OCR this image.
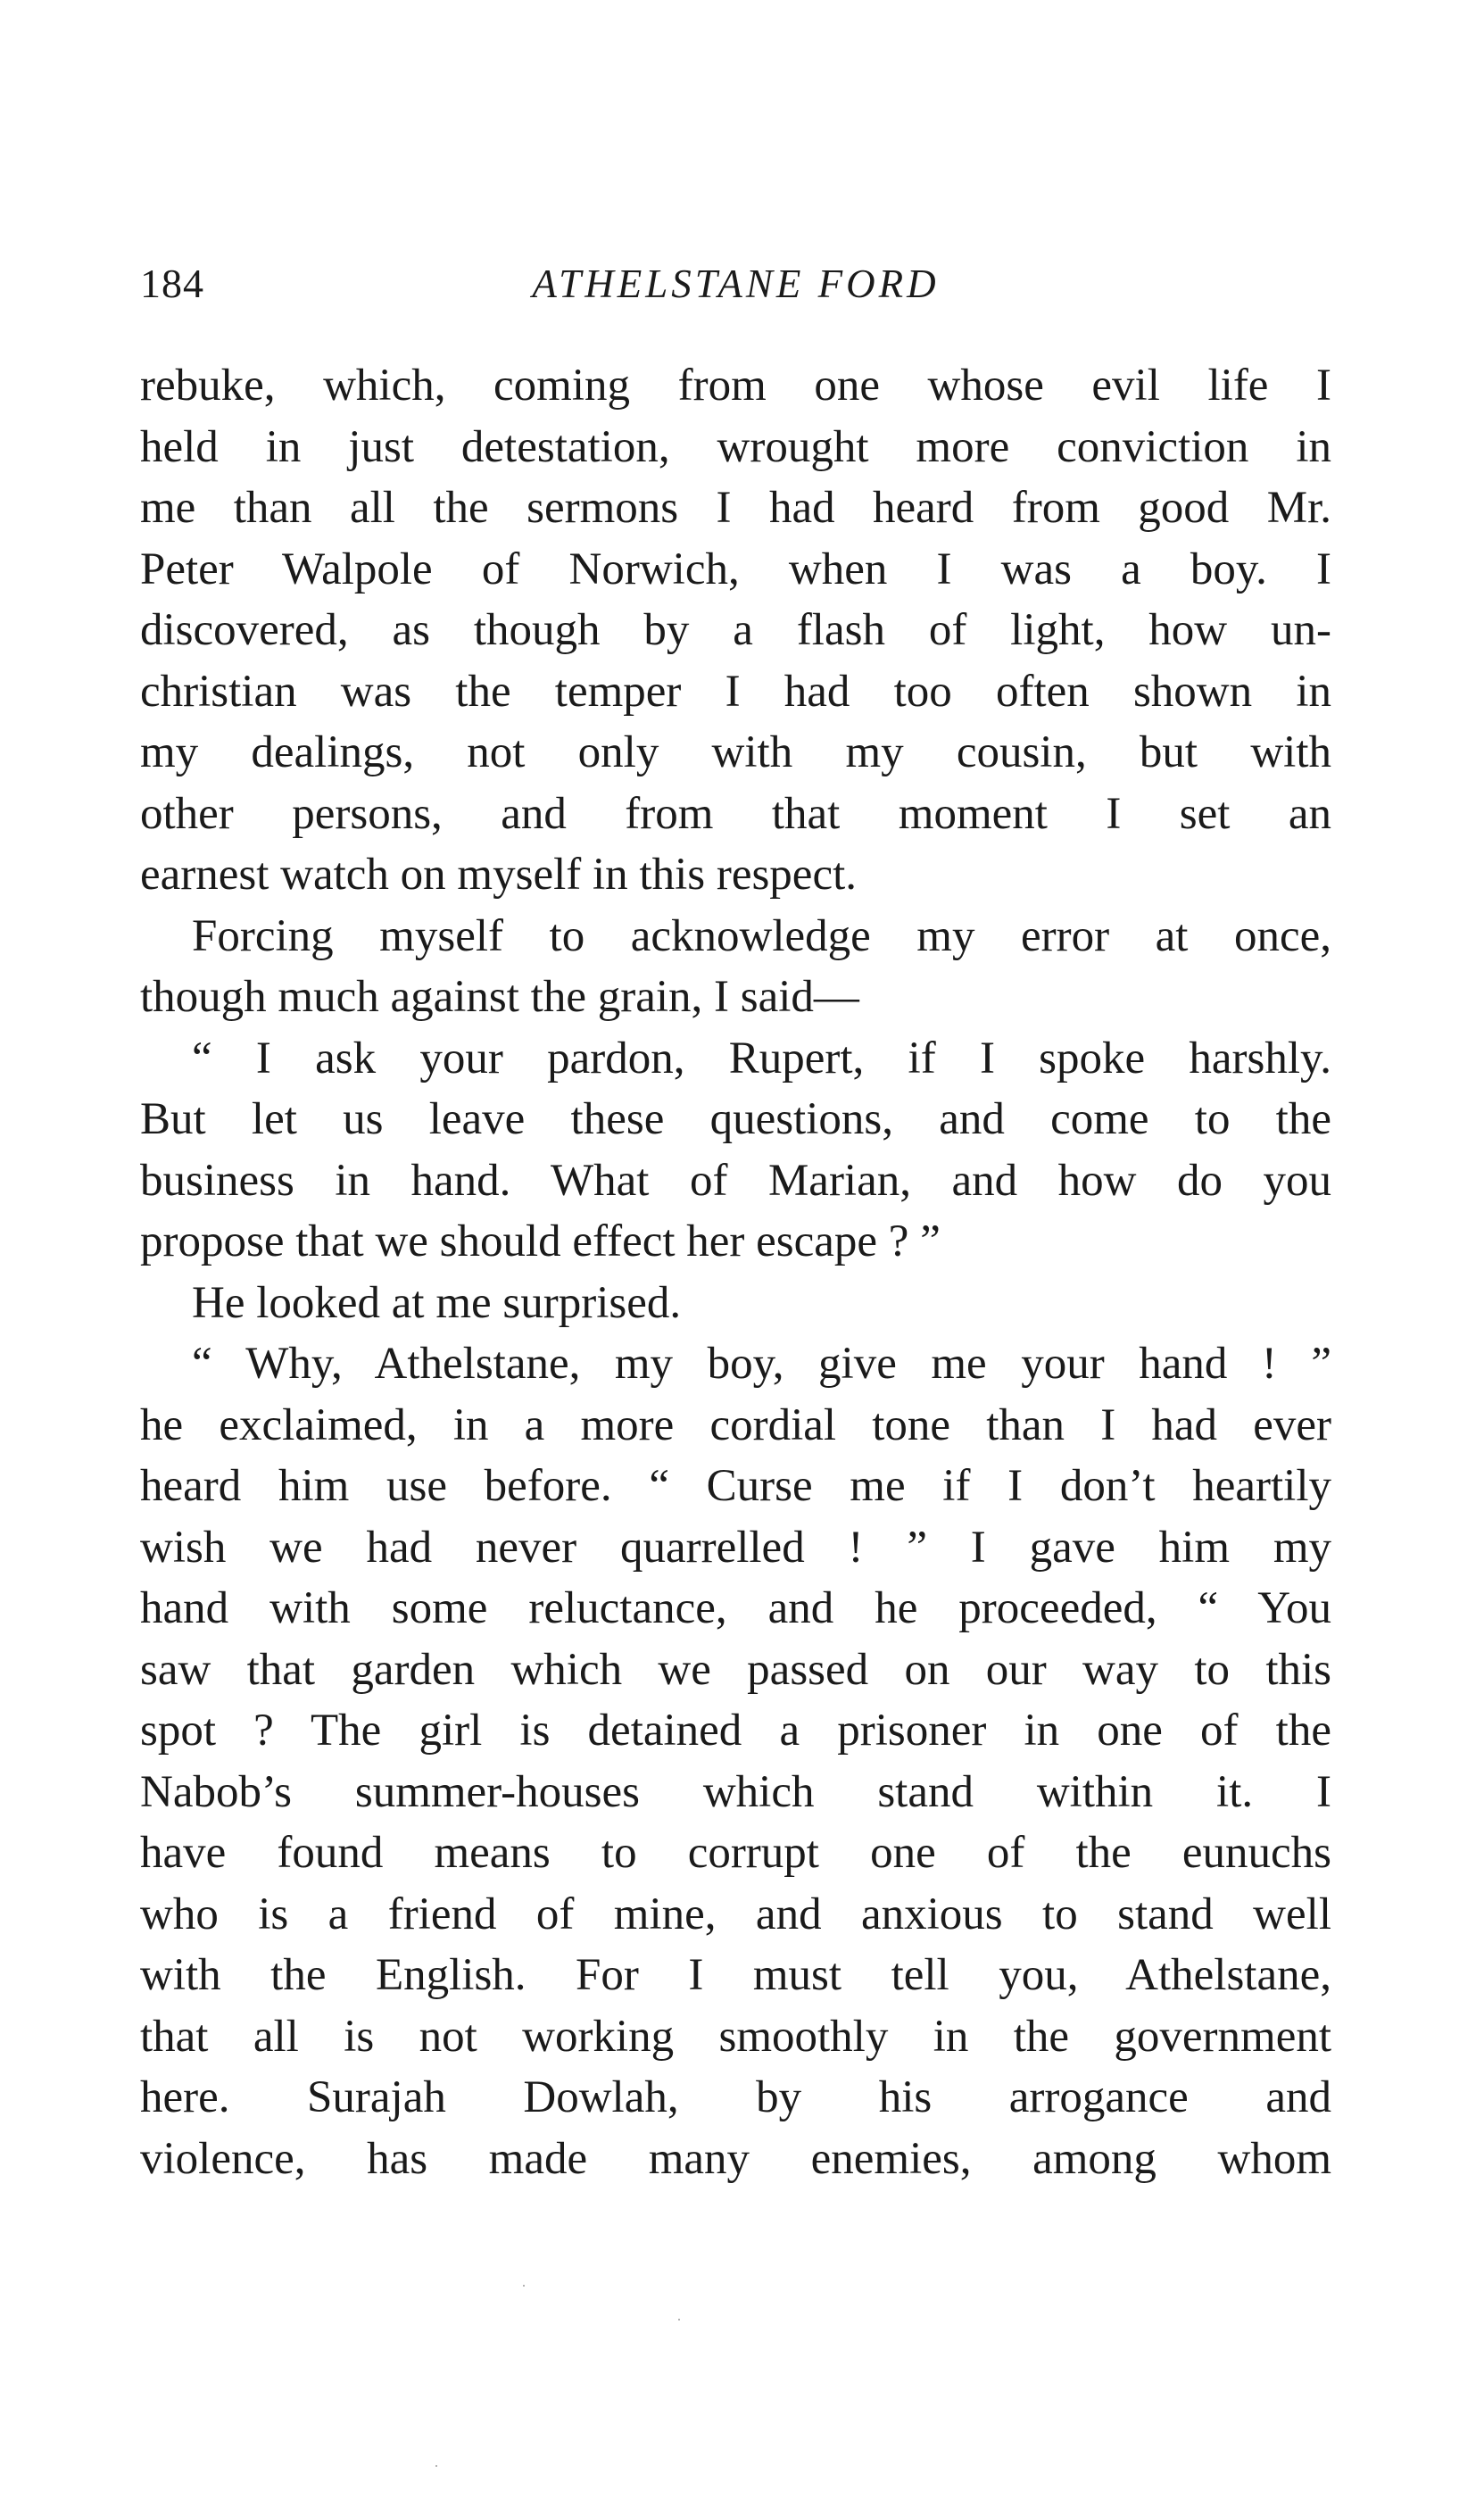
184	ATHELSTANE FORD
rebuke, which, coming from one whose evil life I
held in just detestation, wrought more conviction in
me than all the sermons I had heard from good Mr.
Peter Walpole of Norwich, when I was a boy. I
discovered, as though by a flash of light, how un-
christian was the temper I had too often shown in
my dealings, not only with my cousin, but with
other persons, and from that moment I set an
earnest watch on myself in this respect.
Forcing myself to acknowledge my error at once,
though much against the grain, I said—
“ I ask your pardon, Rupert, if I spoke harshly.
But let us leave these questions, and come to the
business in hand. What of Marian, and how do you
propose that we should effect her escape ? ”
He looked at me surprised.
“ Why, Athelstane, my boy, give me your hand ! ”
he exclaimed, in a more cordial tone than I had ever
heard him use before. “ Curse me if I don’t heartily
wish we had never quarrelled ! ” I gave him my
hand with some reluctance, and he proceeded, “ You
saw that garden which we passed on our way to this
spot ? The girl is detained a prisoner in one of the
Nabob’s summer-houses which stand within it. I
have found means to corrupt one of the eunuchs
who is a friend of mine, and anxious to stand well
with the English. For I must tell you, Athelstane,
that all is not working smoothly in the government
here. Surajah Dowlah, by his arrogance and
violence, has made many enemies, among whom
